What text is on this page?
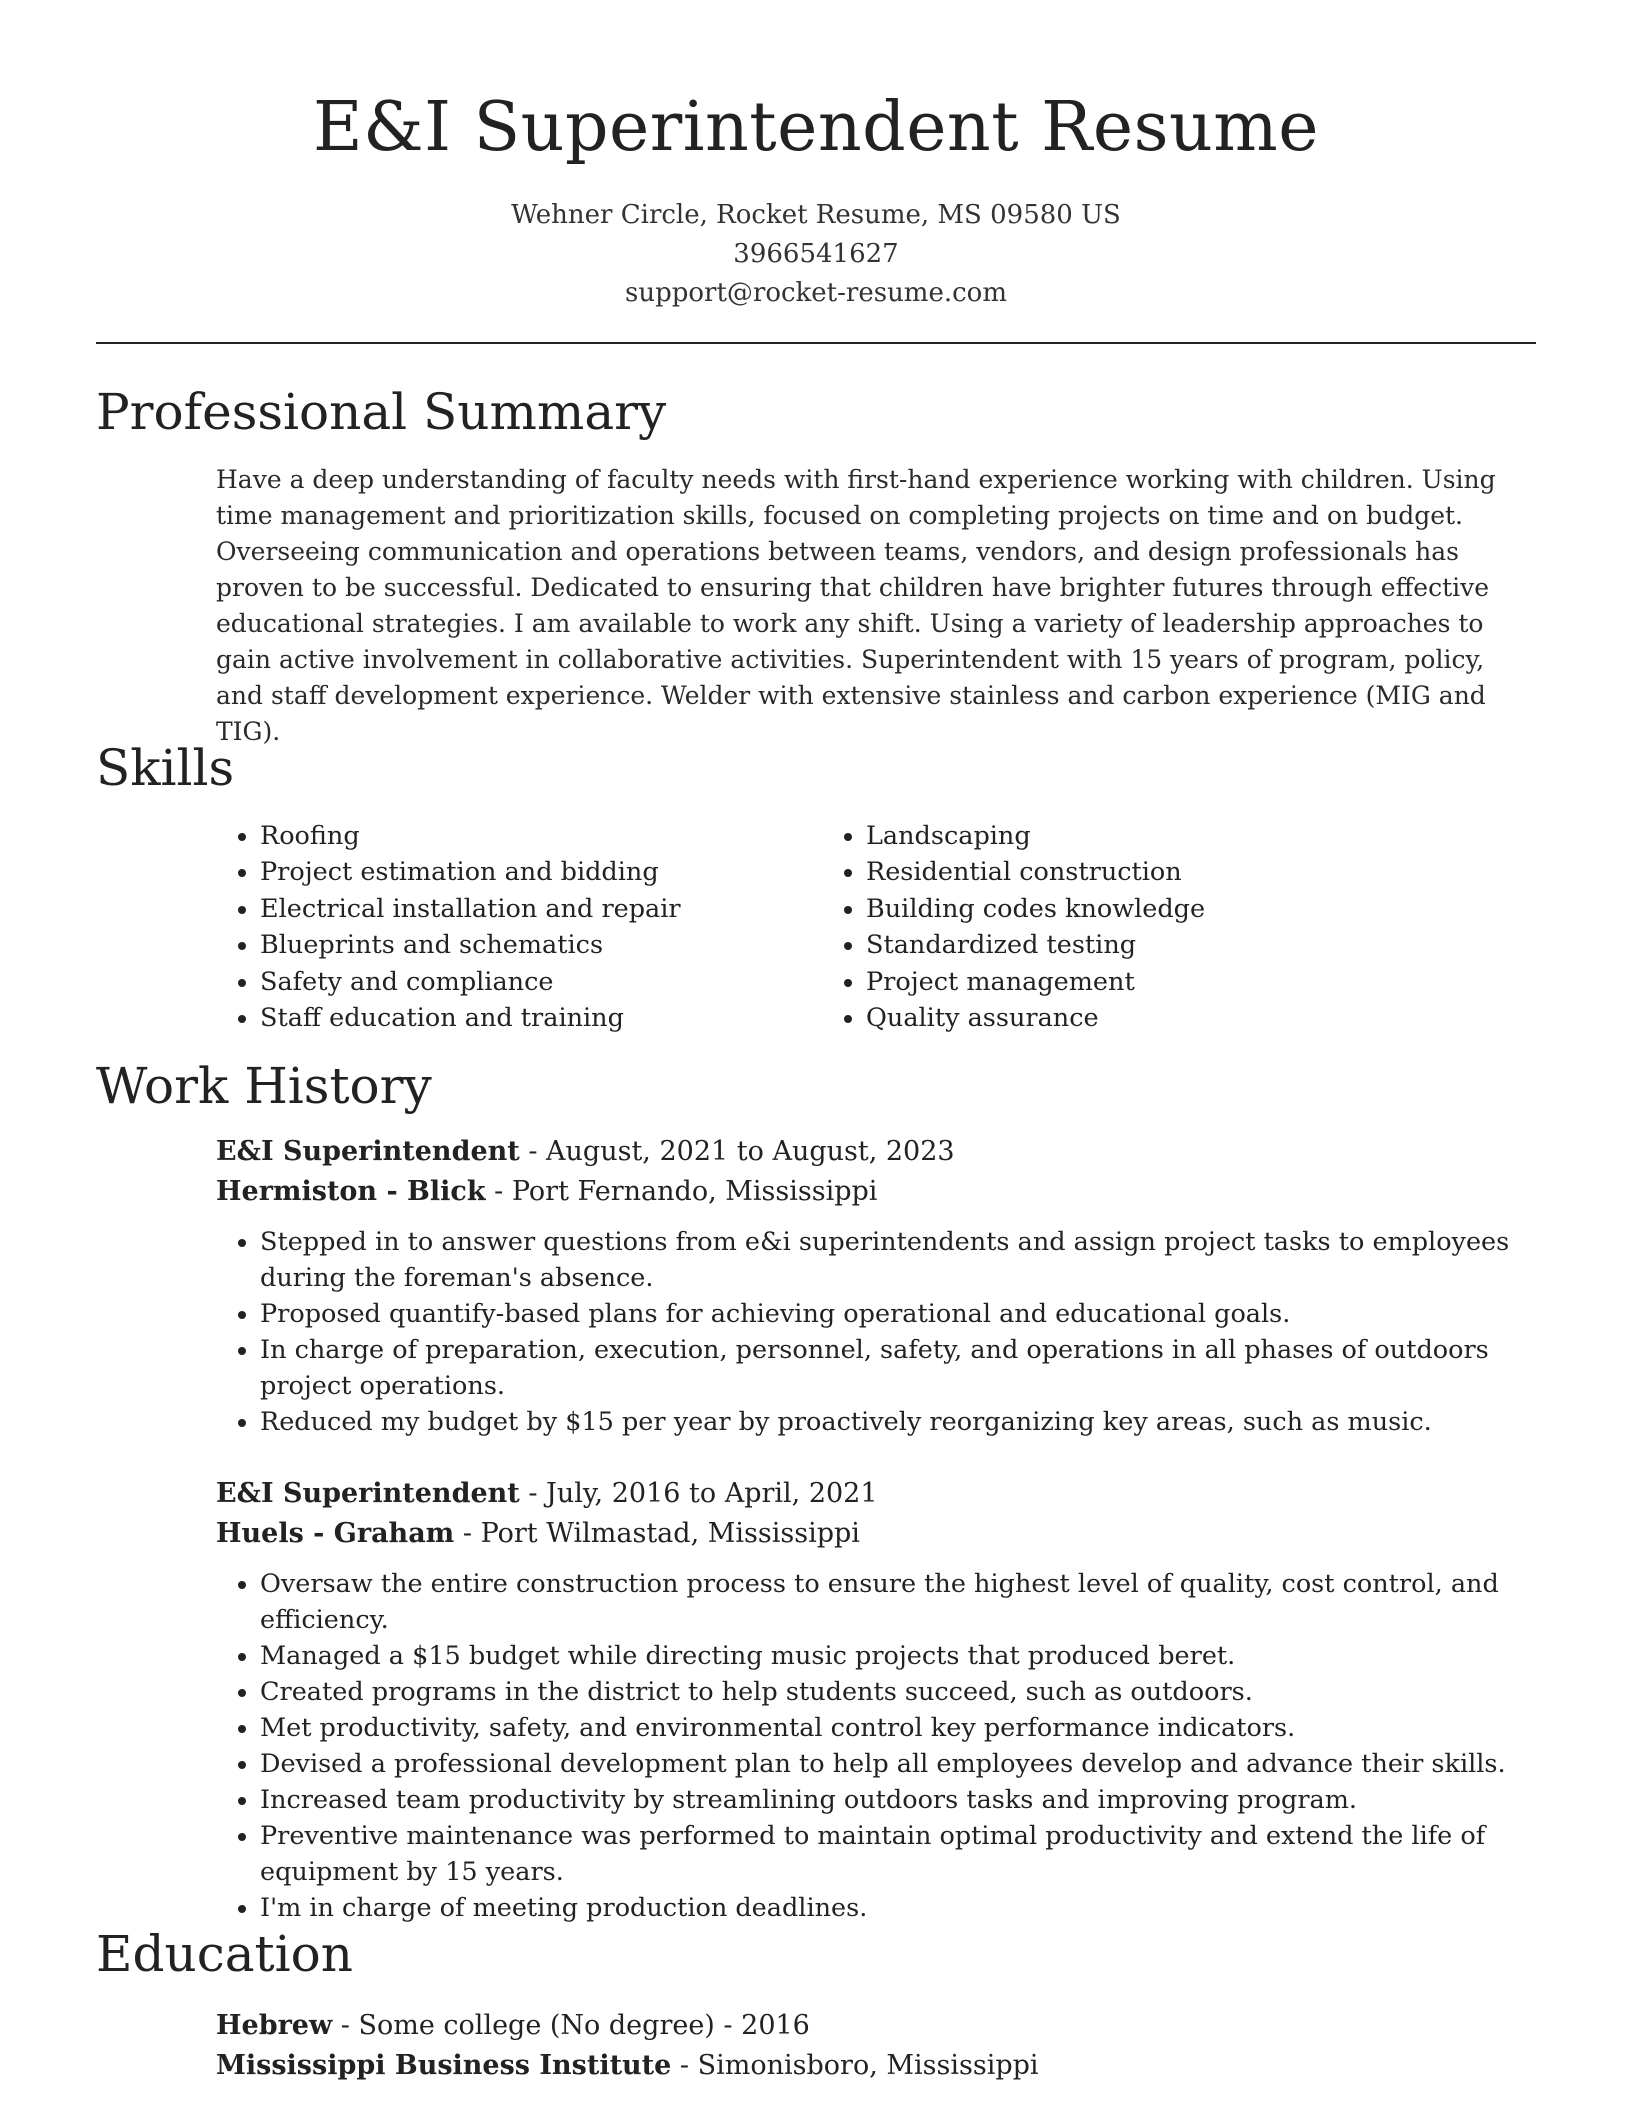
E&I Superintendent Resume
Wehner Circle, Rocket Resume, MS 09580 US
3966541627
support@rocket-resume.com
Professional Summary

Have a deep understanding of faculty needs with first-hand experience working with children. Using time management and prioritization skills, focused on completing projects on time and on budget. Overseeing communication and operations between teams, vendors, and design professionals has proven to be successful. Dedicated to ensuring that children have brighter futures through effective educational strategies. I am available to work any shift. Using a variety of leadership approaches to gain active involvement in collaborative activities. Superintendent with 15 years of program, policy, and staff development experience. Welder with extensive stainless and carbon experience (MIG and TIG).

Skills
• Roofing
• Project estimation and bidding
• Electrical installation and repair
• Blueprints and schematics
• Safety and compliance
• Staff education and training
• Landscaping
• Residential construction
• Building codes knowledge
• Standardized testing
• Project management
• Quality assurance
Work History
E&I Superintendent - August, 2021 to August, 2023
Hermiston - Blick - Port Fernando, Mississippi
• Stepped in to answer questions from e&i superintendents and assign project tasks to employees during the foreman's absence.
• Proposed quantify-based plans for achieving operational and educational goals.
• In charge of preparation, execution, personnel, safety, and operations in all phases of outdoors project operations.
• Reduced my budget by $15 per year by proactively reorganizing key areas, such as music.
E&I Superintendent - July, 2016 to April, 2021
Huels - Graham - Port Wilmastad, Mississippi
• Oversaw the entire construction process to ensure the highest level of quality, cost control, and efficiency.
• Managed a $15 budget while directing music projects that produced beret.
• Created programs in the district to help students succeed, such as outdoors.
• Met productivity, safety, and environmental control key performance indicators.
• Devised a professional development plan to help all employees develop and advance their skills.
• Increased team productivity by streamlining outdoors tasks and improving program.
• Preventive maintenance was performed to maintain optimal productivity and extend the life of equipment by 15 years.
• I'm in charge of meeting production deadlines.
Education
Hebrew - Some college (No degree) - 2016
Mississippi Business Institute - Simonisboro, Mississippi
